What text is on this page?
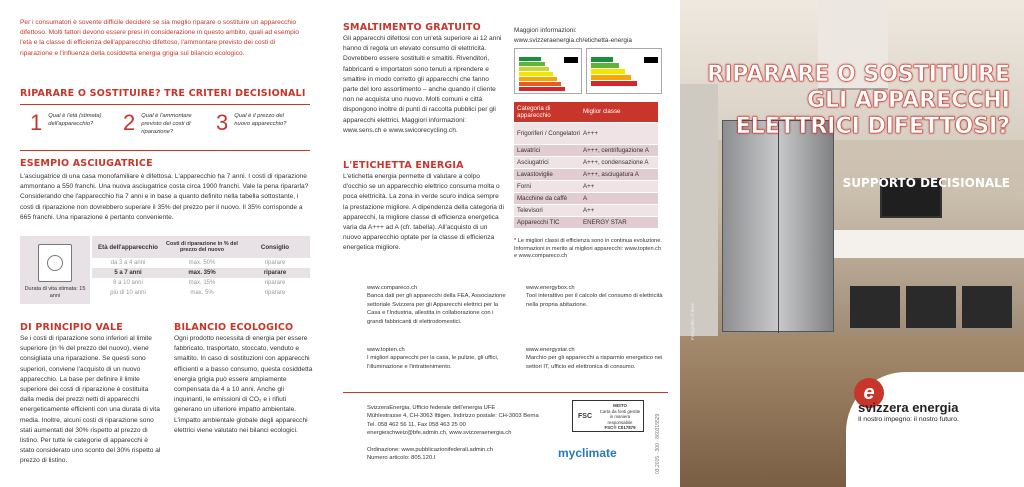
Per i consumatori è sovente difficile decidere se sia meglio riparare o sostituire un apparecchio difettoso. Molti fattori devono essere presi in considerazione in questo ambito, quali ad esempio l'età e la classe di efficienza dell'apparecchio difettoso, l'ammontare previsto dei costi di riparazione e l'influenza della cosiddetta energia grigia sul bilancio ecologico.
RIPARARE O SOSTITUIRE? TRE CRITERI DECISIONALI
1 Qual è l'età (stimata) dell'apparecchio?	2 Qual è l'ammontare previsto dei costi di riparazione?	3 Qual è il prezzo del nuovo apparecchio?
ESEMPIO ASCIUGATRICE
L'asciugatrice di una casa monofamiliare è difettosa. L'apparecchio ha 7 anni. I costi di riparazione ammontano a 550 franchi. Una nuova asciugatrice costa circa 1900 franchi. Vale la pena ripararla? Considerando che l'apparecchio ha 7 anni e in base a quanto definito nella tabella sottostante, i costi di riparazione non dovrebbero superare il 35% del prezzo per il nuovo. Il 35% corrisponde a 665 franchi. Una riparazione è pertanto conveniente.
Durata di vita stimata: 15 anni
Età dell'apparecchio	Costi di riparazione in % del prezzo del nuovo	Consiglio
da 3 a 4 anni	max. 50%	riparare
5 a 7 anni	max. 35%	riparare
8 a 10 anni	max. 15%	riparare
più di 10 anni	max. 5%	riparare
DI PRINCIPIO VALE
Se i costi di riparazione sono inferiori al limite superiore (in % del prezzo del nuovo), viene consigliata una riparazione. Se questi sono superiori, conviene l'acquisto di un nuovo apparecchio. La base per definire il limite superiore dei costi di riparazione è costituita dalla media dei prezzi netti di apparecchi energeticamente efficienti con una durata di vita media. Inoltre, alcuni costi di riparazione sono stati aumentati del 30% rispetto al prezzo di listino. Per tutte le categorie di apparecchi è stato considerato uno sconto del 30% rispetto al prezzo di listino.
BILANCIO ECOLOGICO
Ogni prodotto necessita di energia per essere fabbricato, trasportato, stoccato, venduto e smaltito. In caso di sostituzioni con apparecchi efficienti e a basso consumo, questa cosiddetta energia grigia può essere ampiamente compensata da 4 a 10 anni. Anche gli inquinanti, le emissioni di CO₂ e i rifiuti generano un ulteriore impatto ambientale. L'impatto ambientale globale degli apparecchi elettrici viene valutato nei bilanci ecologici.
SMALTIMENTO GRATUITO
Gli apparecchi difettosi con un'età superiore ai 12 anni hanno di regola un elevato consumo di elettricità. Dovrebbero essere sostituiti e smaltiti. Rivenditori, fabbricanti e importatori sono tenuti a riprendere e smaltire in modo corretto gli apparecchi che fanno parte del loro assortimento – anche quando il cliente non ne acquista uno nuovo. Molti comuni e città dispongono inoltre di punti di raccolta pubblici per gli apparecchi elettrici. Maggiori informazioni: www.sens.ch e www.swicorecycling.ch.
L'ETICHETTA ENERGIA
L'etichetta energia permette di valutare a colpo d'occhio se un apparecchio elettrico consuma molta o poca elettricità. La zona in verde scuro indica sempre la prestazione migliore. A dipendenza della categoria di apparecchi, la migliore classe di efficienza energetica varia da A+++ ad A (cfr. tabella). All'acquisto di un nuovo apparecchio optate per la classe di efficienza energetica migliore.
Maggiori informazioni:
www.svizzeraenergia.ch/etichetta-energia
Categoria di apparecchio	Miglior classe
Frigoriferi / Congelatori	A+++
Lavatrici	A+++, centrifugazione A
Asciugatrici	A+++, condensazione A
Lavastoviglie	A+++, asciugatura A
Forni	A++
Macchine da caffè	A
Televisori	A++
Apparecchi TIC	ENERGY STAR
* Le migliori classi di efficienza sono in continua evoluzione. Informazioni in merito ai migliori apparecchi: www.topten.ch e www.compareco.ch
www.compareco.ch
Banca dati per gli apparecchi della FEA, Associazione settoriale Svizzera per gli Apparecchi elettrici per la Casa e l'Industria, allestita in collaborazione con i grandi fabbricanti di elettrodomestici.
www.energybox.ch
Tool interattivo per il calcolo del consumo di elettricità nella propria abitazione.
www.topten.ch
I migliori apparecchi per la casa, le pulizie, gli uffici, l'illuminazione e l'intrattenimento.
www.energystar.ch
Marchio per gli apparecchi a risparmio energetico nei settori IT, ufficio ed elettronica di consumo.
SvizzeraEnergia, Ufficio federale dell'energia UFE
Mühlestrasse 4, CH-3063 Ittigen. Indirizzo postale: CH-3003 Berna
Tel. 058 462 56 11, Fax 058 463 25 00
energieschweiz@bfe.admin.ch, www.svizzeraenergia.ch
Ordinazione: www.pubblicazionifederali.admin.ch
Numero articolo: 805.120.I
FSC
MISTO
Carta da fonti gestite in maniera responsabile
FSC® C017879
myclimate	03.2015 · 300 · 860315529
RIPARARE O SOSTITUIRE GLI APPARECCHI ELETTRICI DIFETTOSI?
SUPPORTO DECISIONALE
Fotografia: © Ikea
e
svizzera energia
Il nostro impegno: il nostro futuro.
